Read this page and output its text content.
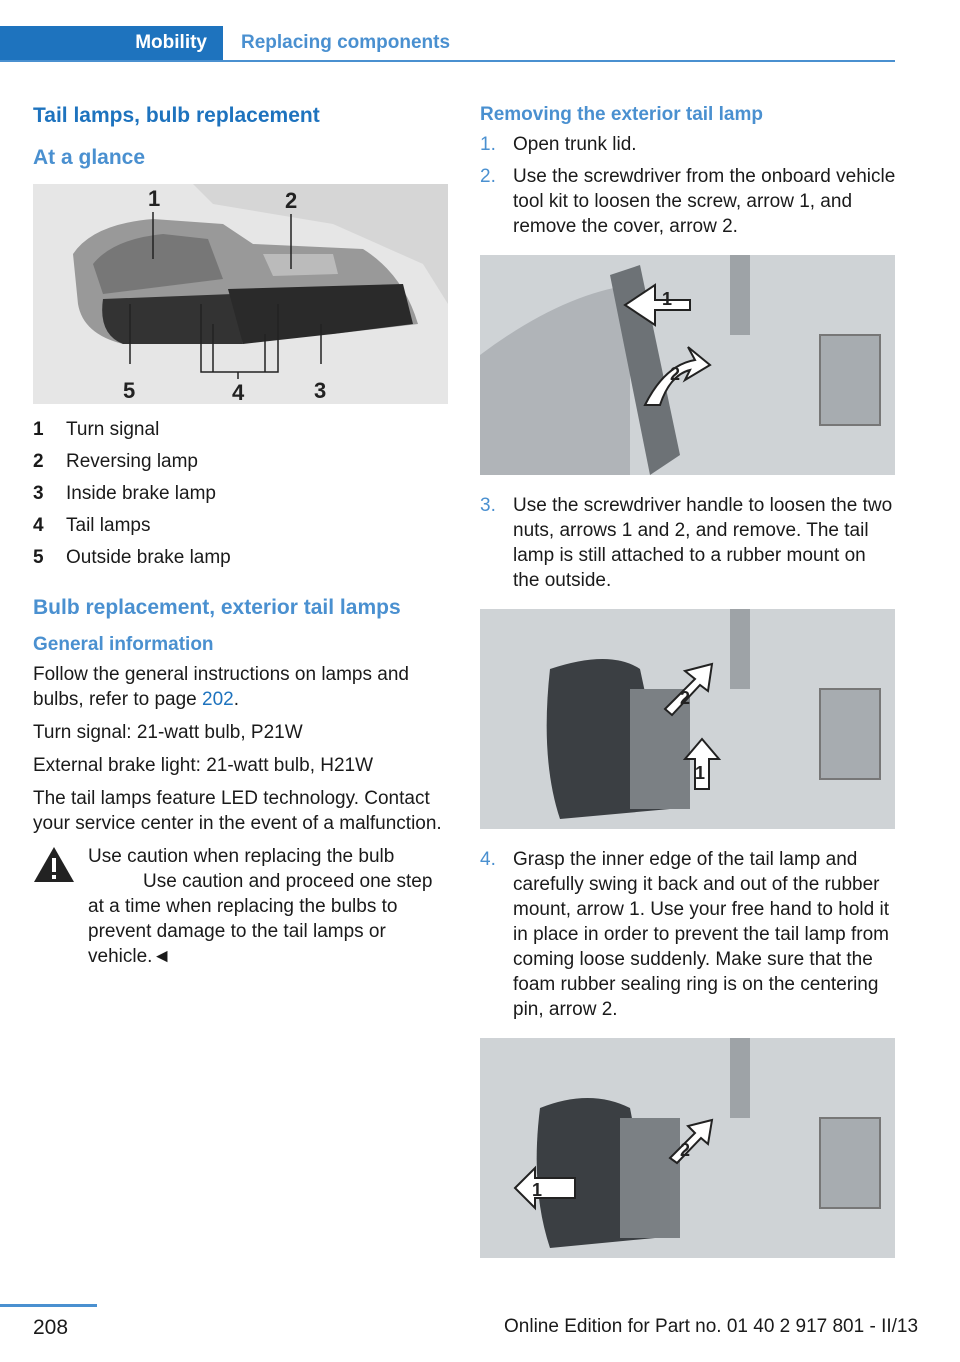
Mobility	Replacing components
Tail lamps, bulb replacement
At a glance
1	2
3
4
5
1	Turn signal
2	Reversing lamp
3	Inside brake lamp
4	Tail lamps
5	Outside brake lamp
Bulb replacement, exterior tail lamps
General information

Follow the general instructions on lamps and bulbs, refer to page 202.

Turn signal: 21-watt bulb, P21W

External brake light: 21-watt bulb, H21W

The tail lamps feature LED technology. Contact your service center in the event of a malfunction.

Use caution when replacing the bulb

Use caution and proceed one step at a time when replacing the bulbs to prevent damage to the tail lamps or vehicle.◄

Removing the exterior tail lamp
1. Open trunk lid.
2. Use the screwdriver from the onboard vehicle tool kit to loosen the screw, arrow 1, and remove the cover, arrow 2.
1
2
3. Use the screwdriver handle to loosen the two nuts, arrows 1 and 2, and remove. The tail lamp is still attached to a rubber mount on the outside.
2
1
4. Grasp the inner edge of the tail lamp and carefully swing it back and out of the rubber mount, arrow 1. Use your free hand to hold it in place in order to prevent the tail lamp from coming loose suddenly. Make sure that the foam rubber sealing ring is on the centering pin, arrow 2.
1
2
208	Online Edition for Part no. 01 40 2 917 801 - II/13
